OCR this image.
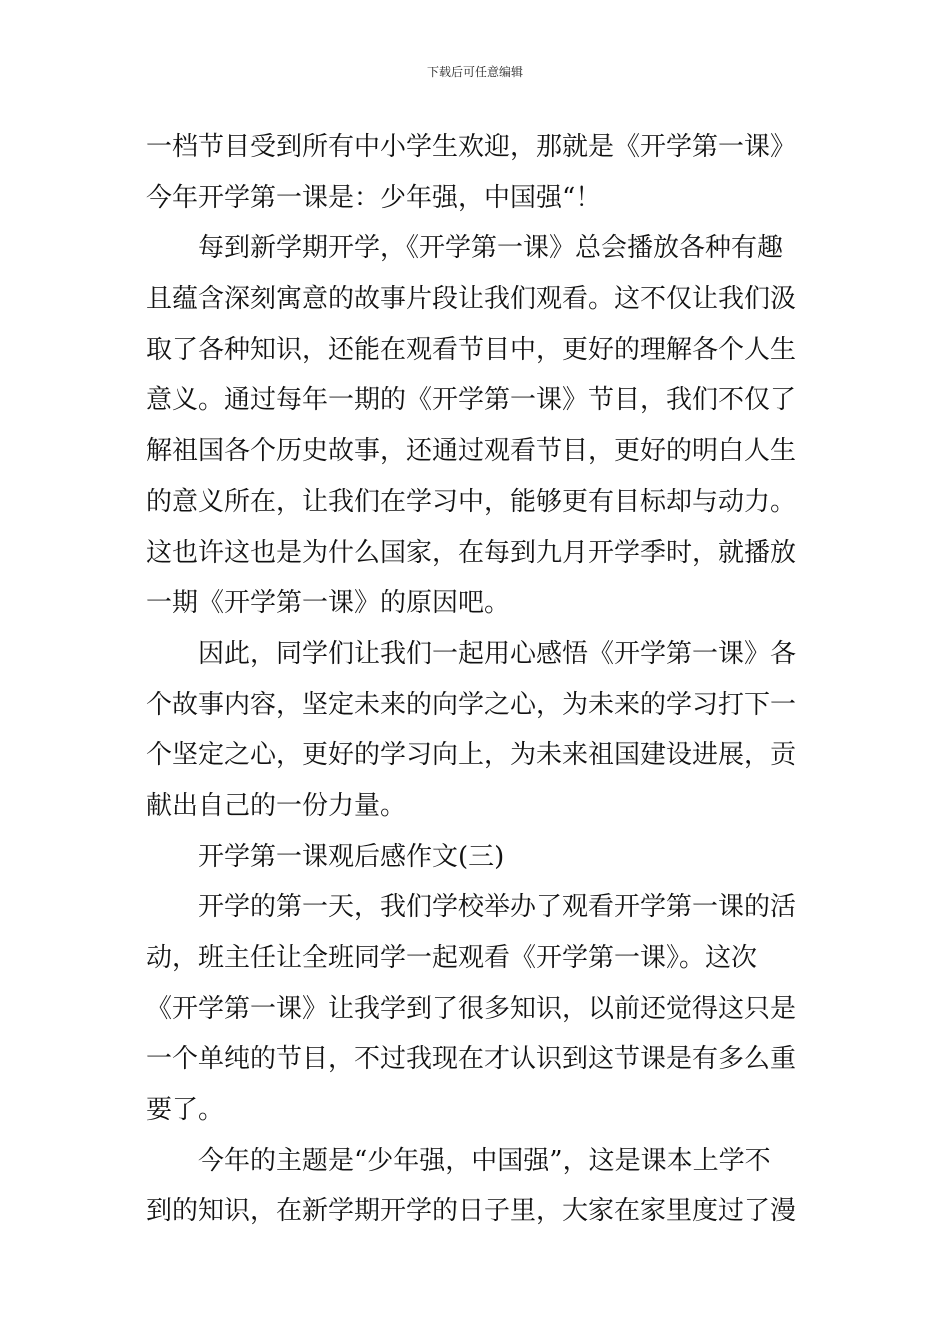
下载后可任意编辑
一档节目受到所有中小学生欢迎，那就是《开学第一课》
今年开学第一课是：少年强，中国强“！
每到新学期开学，《开学第一课》总会播放各种有趣
且蕴含深刻寓意的故事片段让我们观看。这不仅让我们汲
取了各种知识，还能在观看节目中，更好的理解各个人生
意义。通过每年一期的《开学第一课》节目，我们不仅了
解祖国各个历史故事，还通过观看节目，更好的明白人生
的意义所在，让我们在学习中，能够更有目标却与动力。
这也许这也是为什么国家，在每到九月开学季时，就播放
一期《开学第一课》的原因吧。
因此，同学们让我们一起用心感悟《开学第一课》各
个故事内容，坚定未来的向学之心，为未来的学习打下一
个坚定之心，更好的学习向上，为未来祖国建设进展，贡
献出自己的一份力量。
开学第一课观后感作文(三)
开学的第一天，我们学校举办了观看开学第一课的活
动，班主任让全班同学一起观看《开学第一课》。这次
《开学第一课》让我学到了很多知识，以前还觉得这只是
一个单纯的节目，不过我现在才认识到这节课是有多么重
要了。
今年的主题是“少年强，中国强”，这是课本上学不
到的知识，在新学期开学的日子里，大家在家里度过了漫
